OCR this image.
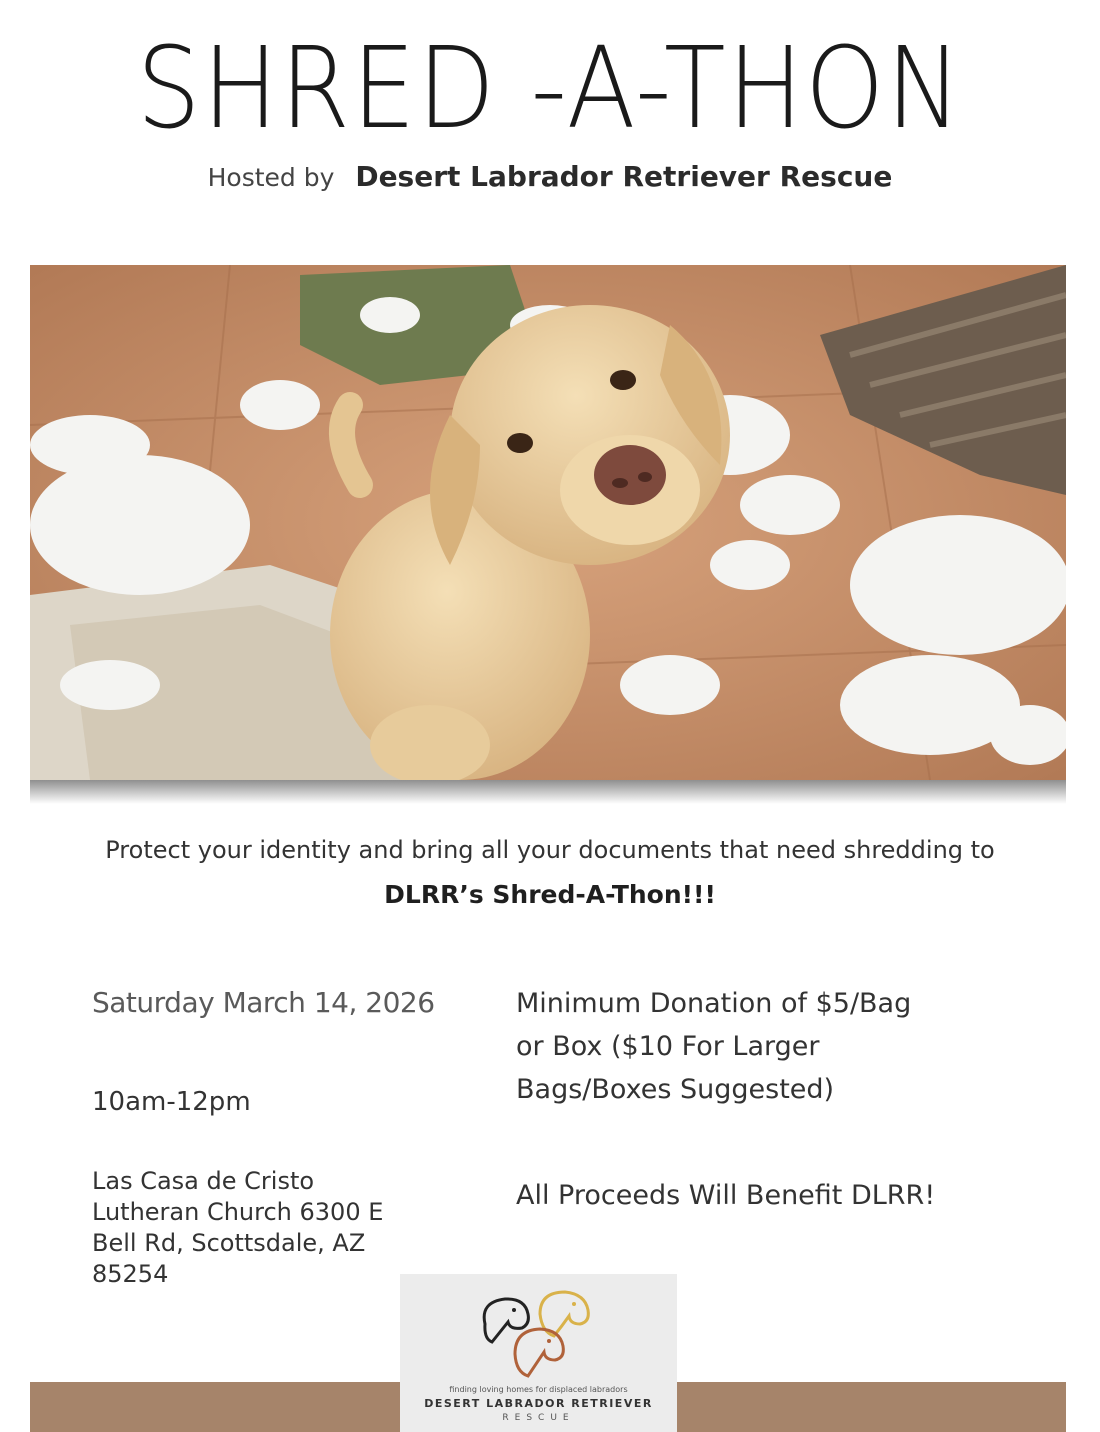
SHRED -A-THON
Hosted by Desert Labrador Retriever Rescue
Protect your identity and bring all your documents that need shredding to
DLRR’s Shred-A-Thon!!!
Saturday March 14, 2026
10am-12pm
Las Casa de Cristo Lutheran Church 6300 E Bell Rd, Scottsdale, AZ 85254
Minimum Donation of $5/Bag or Box ($10 For Larger Bags/Boxes Suggested)
All Proceeds Will Benefit DLRR!
finding loving homes for displaced labradors
DESERT LABRADOR RETRIEVER
RESCUE
